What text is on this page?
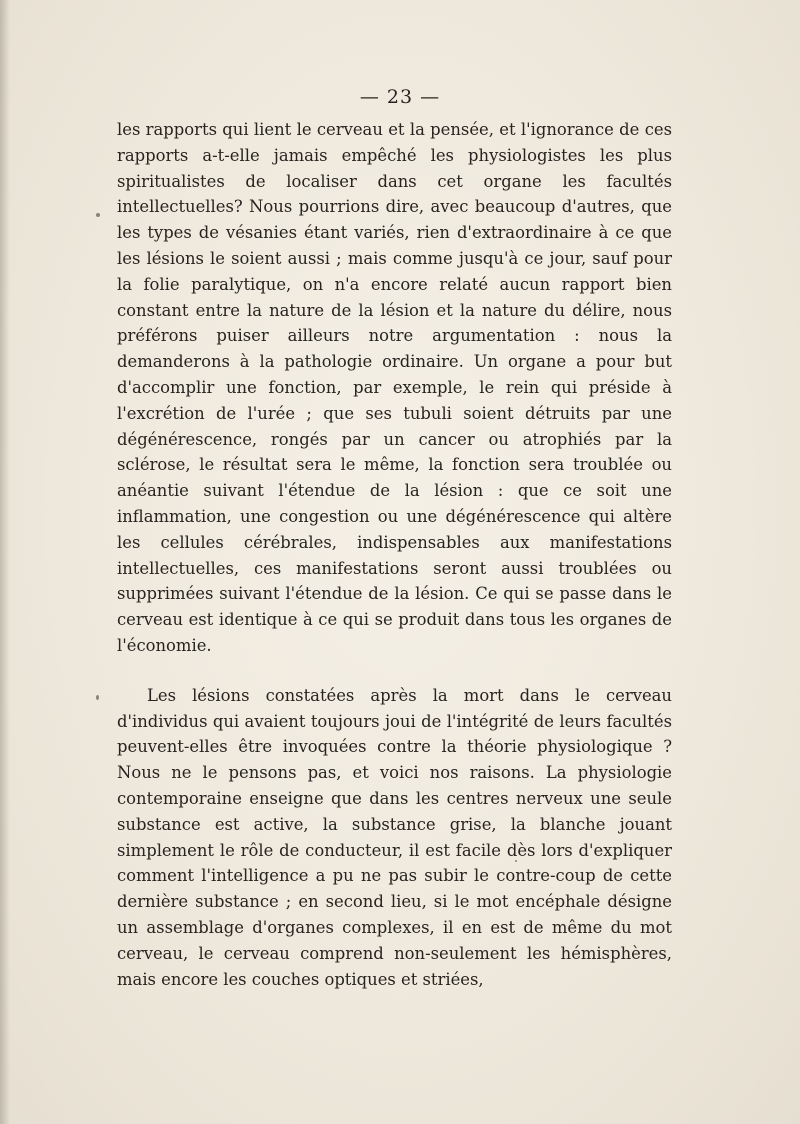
— 23 —

les rapports qui lient le cerveau et la pensée, et l'ignorance de ces rapports a-t-elle jamais empêché les physiologistes les plus spiritualistes de localiser dans cet organe les facultés intellectuelles? Nous pourrions dire, avec beaucoup d'autres, que les types de vésanies étant variés, rien d'extraordinaire à ce que les lésions le soient aussi ; mais comme jusqu'à ce jour, sauf pour la folie paralytique, on n'a encore relaté aucun rapport bien constant entre la nature de la lésion et la nature du délire, nous préférons puiser ailleurs notre argumentation : nous la demanderons à la pathologie ordinaire. Un organe a pour but d'accomplir une fonction, par exemple, le rein qui préside à l'excrétion de l'urée ; que ses tubuli soient détruits par une dégénérescence, rongés par un cancer ou atrophiés par la sclérose, le résultat sera le même, la fonction sera troublée ou anéantie suivant l'étendue de la lésion : que ce soit une inflammation, une congestion ou une dégénérescence qui altère les cellules cérébrales, indispensables aux manifestations intellectuelles, ces manifestations seront aussi troublées ou supprimées suivant l'étendue de la lésion. Ce qui se passe dans le cerveau est identique à ce qui se produit dans tous les organes de l'économie.

Les lésions constatées après la mort dans le cerveau d'individus qui avaient toujours joui de l'intégrité de leurs facultés peuvent-elles être invoquées contre la théorie physiologique ? Nous ne le pensons pas, et voici nos raisons. La physiologie contemporaine enseigne que dans les centres nerveux une seule substance est active, la substance grise, la blanche jouant simplement le rôle de conducteur, il est facile dès lors d'expliquer comment l'intelligence a pu ne pas subir le contre-coup de cette dernière substance ; en second lieu, si le mot encéphale désigne un assemblage d'organes complexes, il en est de même du mot cerveau, le cerveau comprend non-seulement les hémisphères, mais encore les couches optiques et striées,
